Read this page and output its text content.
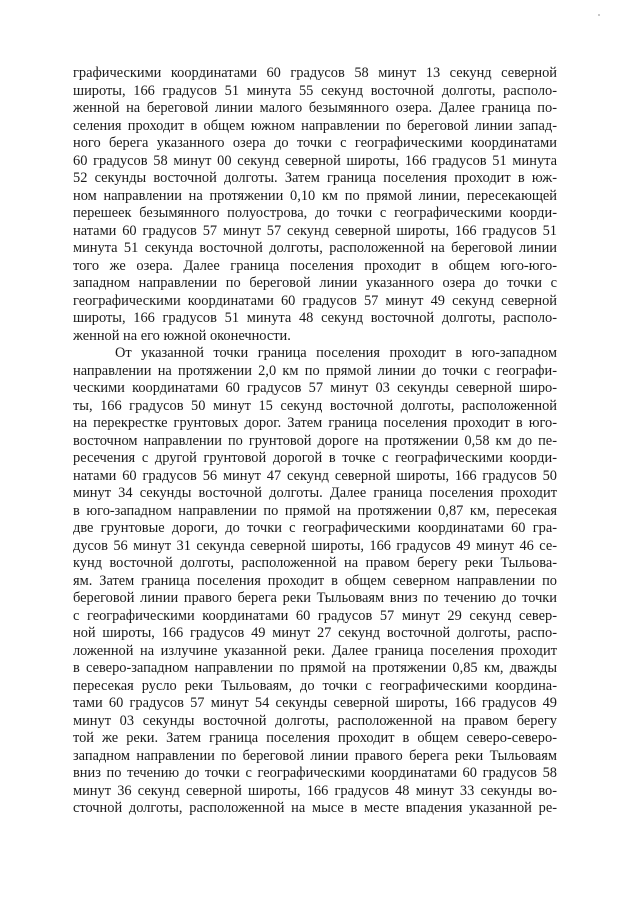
графическими координатами 60 градусов 58 минут 13 секунд северной
широты, 166 градусов 51 минута 55 секунд восточной долготы, располо-
женной на береговой линии малого безымянного озера. Далее граница по-
селения проходит в общем южном направлении по береговой линии запад-
ного берега указанного озера до точки с географическими координатами
60 градусов 58 минут 00 секунд северной широты, 166 градусов 51 минута
52 секунды восточной долготы. Затем граница поселения проходит в юж-
ном направлении на протяжении 0,10 км по прямой линии, пересекающей
перешеек безымянного полуострова, до точки с географическими коорди-
натами 60 градусов 57 минут 57 секунд северной широты, 166 градусов 51
минута 51 секунда восточной долготы, расположенной на береговой линии
того же озера. Далее граница поселения проходит в общем юго-юго-
западном направлении по береговой линии указанного озера до точки с
географическими координатами 60 градусов 57 минут 49 секунд северной
широты, 166 градусов 51 минута 48 секунд восточной долготы, располо-
женной на его южной оконечности.
От указанной точки граница поселения проходит в юго-западном
направлении на протяжении 2,0 км по прямой линии до точки с географи-
ческими координатами 60 градусов 57 минут 03 секунды северной широ-
ты, 166 градусов 50 минут 15 секунд восточной долготы, расположенной
на перекрестке грунтовых дорог. Затем граница поселения проходит в юго-
восточном направлении по грунтовой дороге на протяжении 0,58 км до пе-
ресечения с другой грунтовой дорогой в точке с географическими коорди-
натами 60 градусов 56 минут 47 секунд северной широты, 166 градусов 50
минут 34 секунды восточной долготы. Далее граница поселения проходит
в юго-западном направлении по прямой на протяжении 0,87 км, пересекая
две грунтовые дороги, до точки с географическими координатами 60 гра-
дусов 56 минут 31 секунда северной широты, 166 градусов 49 минут 46 се-
кунд восточной долготы, расположенной на правом берегу реки Тыльова-
ям. Затем граница поселения проходит в общем северном направлении по
береговой линии правого берега реки Тыльоваям вниз по течению до точки
с географическими координатами 60 градусов 57 минут 29 секунд север-
ной широты, 166 градусов 49 минут 27 секунд восточной долготы, распо-
ложенной на излучине указанной реки. Далее граница поселения проходит
в северо-западном направлении по прямой на протяжении 0,85 км, дважды
пересекая русло реки Тыльоваям, до точки с географическими координа-
тами 60 градусов 57 минут 54 секунды северной широты, 166 градусов 49
минут 03 секунды восточной долготы, расположенной на правом берегу
той же реки. Затем граница поселения проходит в общем северо-северо-
западном направлении по береговой линии правого берега реки Тыльоваям
вниз по течению до точки с географическими координатами 60 градусов 58
минут 36 секунд северной широты, 166 градусов 48 минут 33 секунды во-
сточной долготы, расположенной на мысе в месте впадения указанной ре-
